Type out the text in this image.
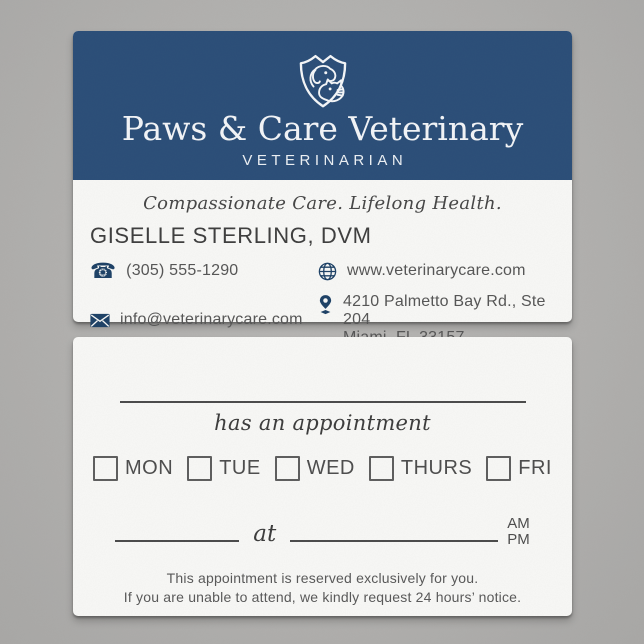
Paws & Care Veterinary
VETERINARIAN
Compassionate Care. Lifelong Health.
GISELLE STERLING, DVM
☎ (305) 555-1290	www.veterinarycare.com
info@veterinarycare.com
4210 Palmetto Bay Rd., Ste 204

has an appointment
MON TUE WED THURS FRI
at	AM
PM
This appointment is reserved exclusively for you.
If you are unable to attend, we kindly request 24 hours’ notice.
